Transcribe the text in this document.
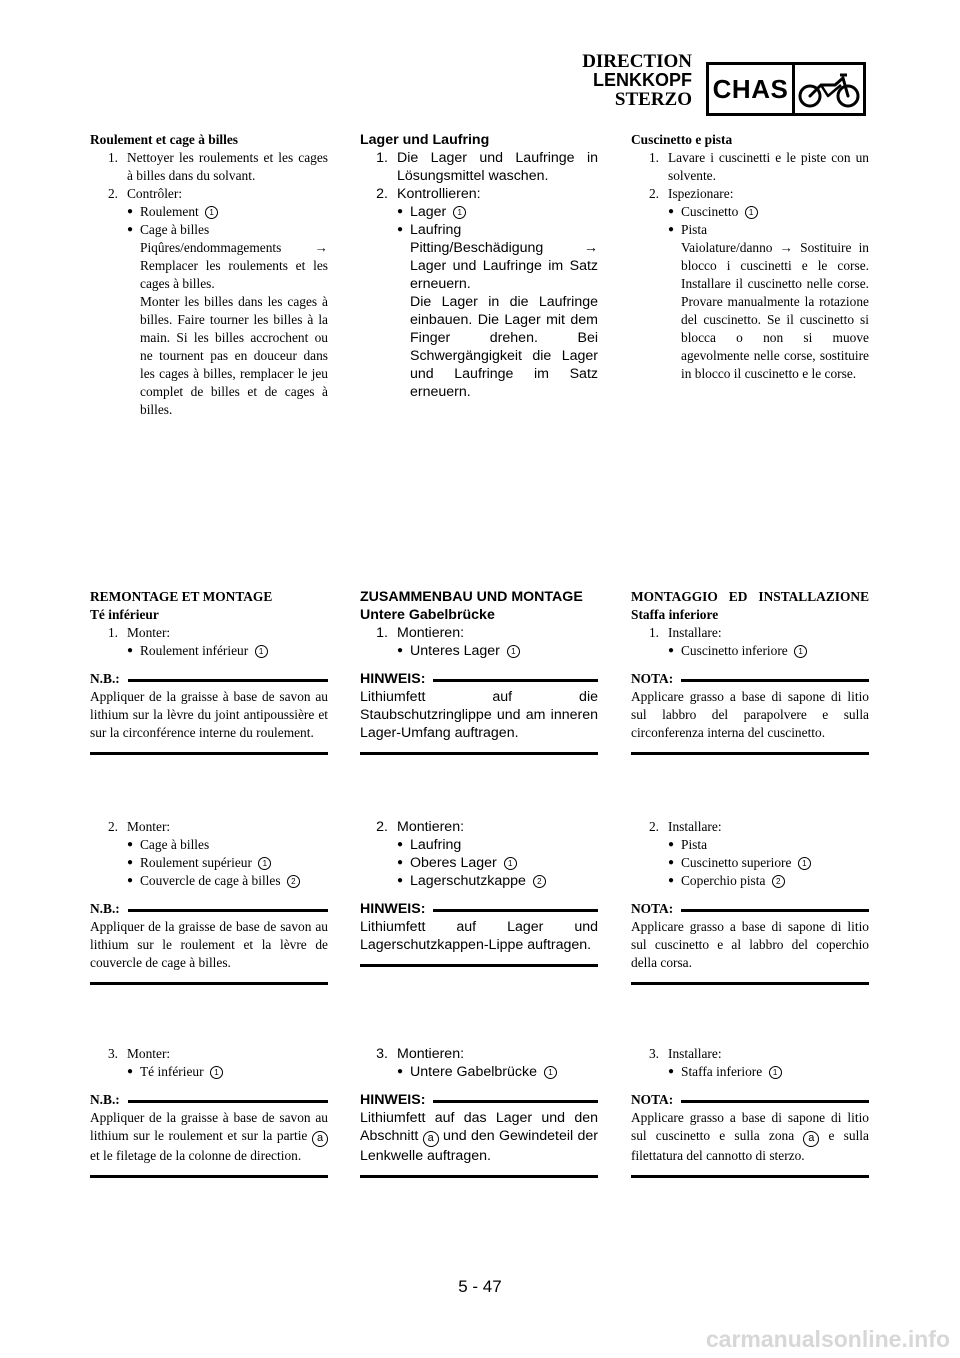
DIRECTION
LENKKOPF
STERZO CHAS
Roulement et cage à billes
1. Nettoyer les roulements et les cages à billes dans du solvant.
2. Contrôler:
● Roulement 1
● Cage à billes
Piqûres/endommagements →
Remplacer les roulements et les cages à billes.
Monter les billes dans les cages à billes. Faire tourner les billes à la main. Si les billes accrochent ou ne tournent pas en douceur dans les cages à billes, remplacer le jeu complet de billes et de cages à billes.
Lager und Laufring
1. Die Lager und Laufringe in Lösungsmittel waschen.
2. Kontrollieren:
● Lager 1
● Laufring
Pitting/Beschädigung	→
Lager und Laufringe im Satz erneuern.
Die Lager in die Laufringe einbauen. Die Lager mit dem Finger drehen. Bei Schwergängigkeit die Lager und Laufringe im Satz erneuern.
Cuscinetto e pista
1. Lavare i cuscinetti e le piste con un solvente.
2. Ispezionare:
● Cuscinetto 1
● Pista
Vaiolature/danno → Sostituire in blocco i cuscinetti e le corse. Installare il cuscinetto nelle corse. Provare manualmente la rotazione del cuscinetto. Se il cuscinetto si blocca o non si muove agevolmente nelle corse, sostituire in blocco il cuscinetto e le corse.
REMONTAGE ET MONTAGE
Té inférieur
1. Monter:
● Roulement inférieur 1
N.B.:
Appliquer de la graisse à base de savon au lithium sur la lèvre du joint antipoussière et sur la circonférence interne du roulement.
ZUSAMMENBAU UND MONTAGE
Untere Gabelbrücke
1. Montieren:
● Unteres Lager 1
HINWEIS:
Lithiumfett auf die Staubschutzringlippe und am inneren Lager-Umfang auftragen.
MONTAGGIO ED INSTALLAZIONE
Staffa inferiore
1. Installare:
● Cuscinetto inferiore 1
NOTA:
Applicare grasso a base di sapone di litio sul labbro del parapolvere e sulla circonferenza interna del cuscinetto.
2. Monter:
● Cage à billes
● Roulement supérieur 1
● Couvercle de cage à billes 2
N.B.:
Appliquer de la graisse de base de savon au lithium sur le roulement et la lèvre de couvercle de cage à billes.
2. Montieren:
● Laufring
● Oberes Lager 1
● Lagerschutzkappe 2
HINWEIS:
Lithiumfett auf Lager und Lagerschutzkappen-Lippe auftragen.
2. Installare:
● Pista
● Cuscinetto superiore 1
● Coperchio pista 2
NOTA:
Applicare grasso a base di sapone di litio sul cuscinetto e al labbro del coperchio della corsa.
3. Monter:
● Té inférieur 1
N.B.:
Appliquer de la graisse à base de savon au lithium sur le roulement et sur la partie a et le filetage de la colonne de direction.
3. Montieren:
● Untere Gabelbrücke 1
HINWEIS:
Lithiumfett auf das Lager und den Abschnitt a und den Gewindeteil der Lenkwelle auftragen.
3. Installare:
● Staffa inferiore 1
NOTA:
Applicare grasso a base di sapone di litio sul cuscinetto e sulla zona a e sulla filettatura del cannotto di sterzo.
5 - 47
carmanualsonline.info
